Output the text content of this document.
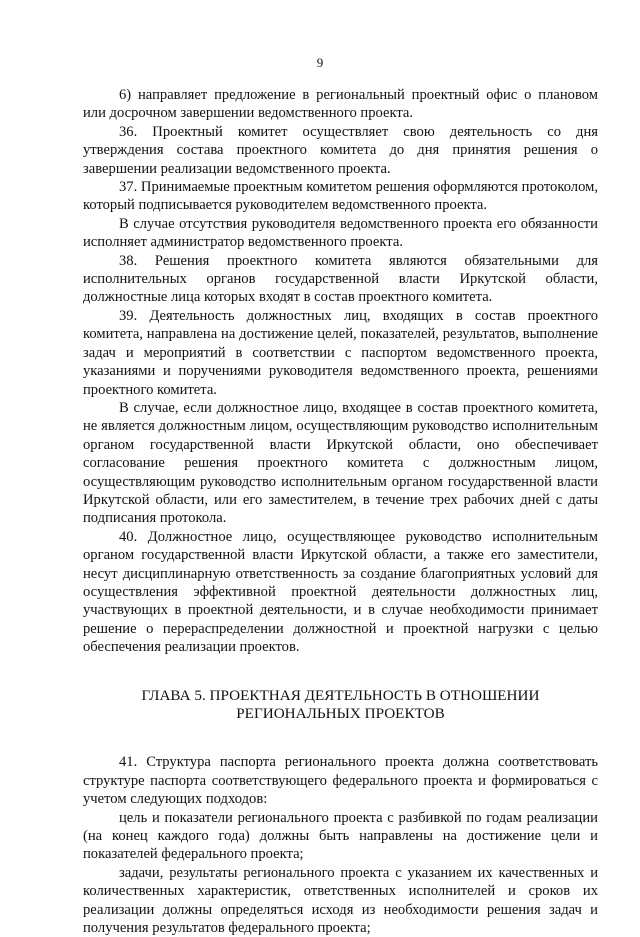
9

6) направляет предложение в региональный проектный офис о плановом или досрочном завершении ведомственного проекта.

36. Проектный комитет осуществляет свою деятельность со дня утверждения состава проектного комитета до дня принятия решения о завершении реализации ведомственного проекта.

37. Принимаемые проектным комитетом решения оформляются протоколом, который подписывается руководителем ведомственного проекта.

В случае отсутствия руководителя ведомственного проекта его обязанности исполняет администратор ведомственного проекта.

38. Решения проектного комитета являются обязательными для исполнительных органов государственной власти Иркутской области, должностные лица которых входят в состав проектного комитета.

39. Деятельность должностных лиц, входящих в состав проектного комитета, направлена на достижение целей, показателей, результатов, выполнение задач и мероприятий в соответствии с паспортом ведомственного проекта, указаниями и поручениями руководителя ведомственного проекта, решениями проектного комитета.

В случае, если должностное лицо, входящее в состав проектного комитета, не является должностным лицом, осуществляющим руководство исполнительным органом государственной власти Иркутской области, оно обеспечивает согласование решения проектного комитета с должностным лицом, осуществляющим руководство исполнительным органом государственной власти Иркутской области, или его заместителем, в течение трех рабочих дней с даты подписания протокола.

40. Должностное лицо, осуществляющее руководство исполнительным органом государственной власти Иркутской области, а также его заместители, несут дисциплинарную ответственность за создание благоприятных условий для осуществления эффективной проектной деятельности должностных лиц, участвующих в проектной деятельности, и в случае необходимости принимает решение о перераспределении должностной и проектной нагрузки с целью обеспечения реализации проектов.

ГЛАВА 5. ПРОЕКТНАЯ ДЕЯТЕЛЬНОСТЬ В ОТНОШЕНИИ
РЕГИОНАЛЬНЫХ ПРОЕКТОВ

41. Структура паспорта регионального проекта должна соответствовать структуре паспорта соответствующего федерального проекта и формироваться с учетом следующих подходов:

цель и показатели регионального проекта с разбивкой по годам реализации (на конец каждого года) должны быть направлены на достижение цели и показателей федерального проекта;

задачи, результаты регионального проекта с указанием их качественных и количественных характеристик, ответственных исполнителей и сроков их реализации должны определяться исходя из необходимости решения задач и получения результатов федерального проекта;
